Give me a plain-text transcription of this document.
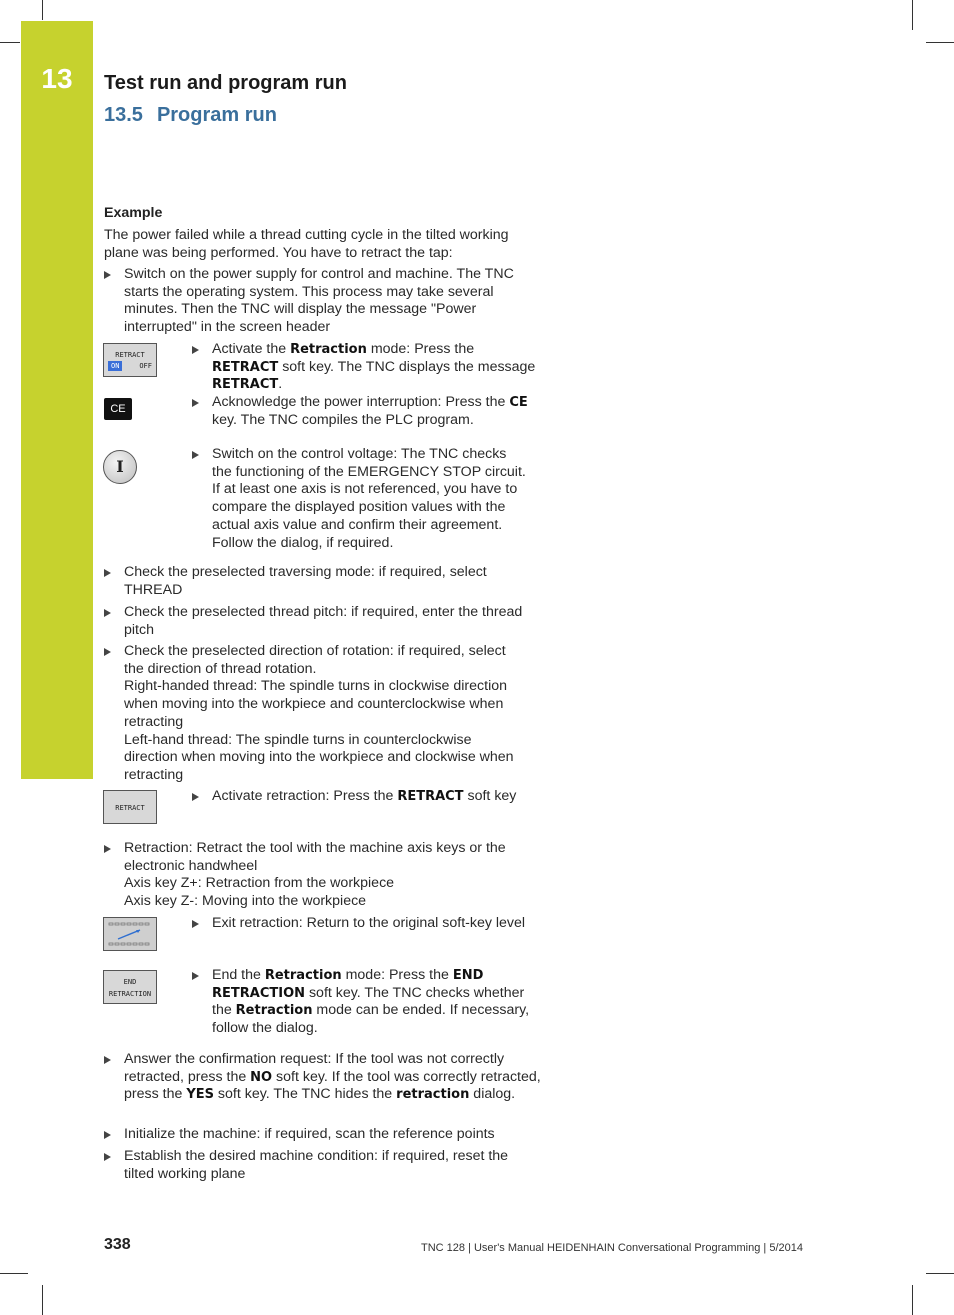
13	Test run and program run
13.5 Program run
Example
The power failed while a thread cutting cycle in the tilted working
plane was being performed. You have to retract the tap:
Switch on the power supply for control and machine. The TNC
starts the operating system. This process may take several
minutes. Then the TNC will display the message "Power
interrupted" in the screen header
RETRACT
ON	OFF
Activate the Retraction mode: Press the RETRACT soft key. The TNC displays the message RETRACT.
CE	Acknowledge the power interruption: Press the CE key. The TNC compiles the PLC program.
I
Switch on the control voltage: The TNC checks
the functioning of the EMERGENCY STOP circuit.
If at least one axis is not referenced, you have to
compare the displayed position values with the
actual axis value and confirm their agreement.
Follow the dialog, if required.
Check the preselected traversing mode: if required, select
THREAD
Check the preselected thread pitch: if required, enter the thread
pitch
Check the preselected direction of rotation: if required, select
the direction of thread rotation.
Right-handed thread: The spindle turns in clockwise direction
when moving into the workpiece and counterclockwise when
retracting
Left-hand thread: The spindle turns in counterclockwise
direction when moving into the workpiece and clockwise when
retracting
RETRACT
Activate retraction: Press the RETRACT soft key
Retraction: Retract the tool with the machine axis keys or the
electronic handwheel
Axis key Z+: Retraction from the workpiece
Axis key Z-: Moving into the workpiece
Exit retraction: Return to the original soft-key level
END
RETRACTION
End the Retraction mode: Press the END RETRACTION soft key. The TNC checks whether the Retraction mode can be ended. If necessary, follow the dialog.
Answer the confirmation request: If the tool was not correctly retracted, press the NO soft key. If the tool was correctly retracted, press the YES soft key. The TNC hides the retraction dialog.
Initialize the machine: if required, scan the reference points
Establish the desired machine condition: if required, reset the
tilted working plane
338	TNC 128 | User's Manual HEIDENHAIN Conversational Programming | 5/2014
